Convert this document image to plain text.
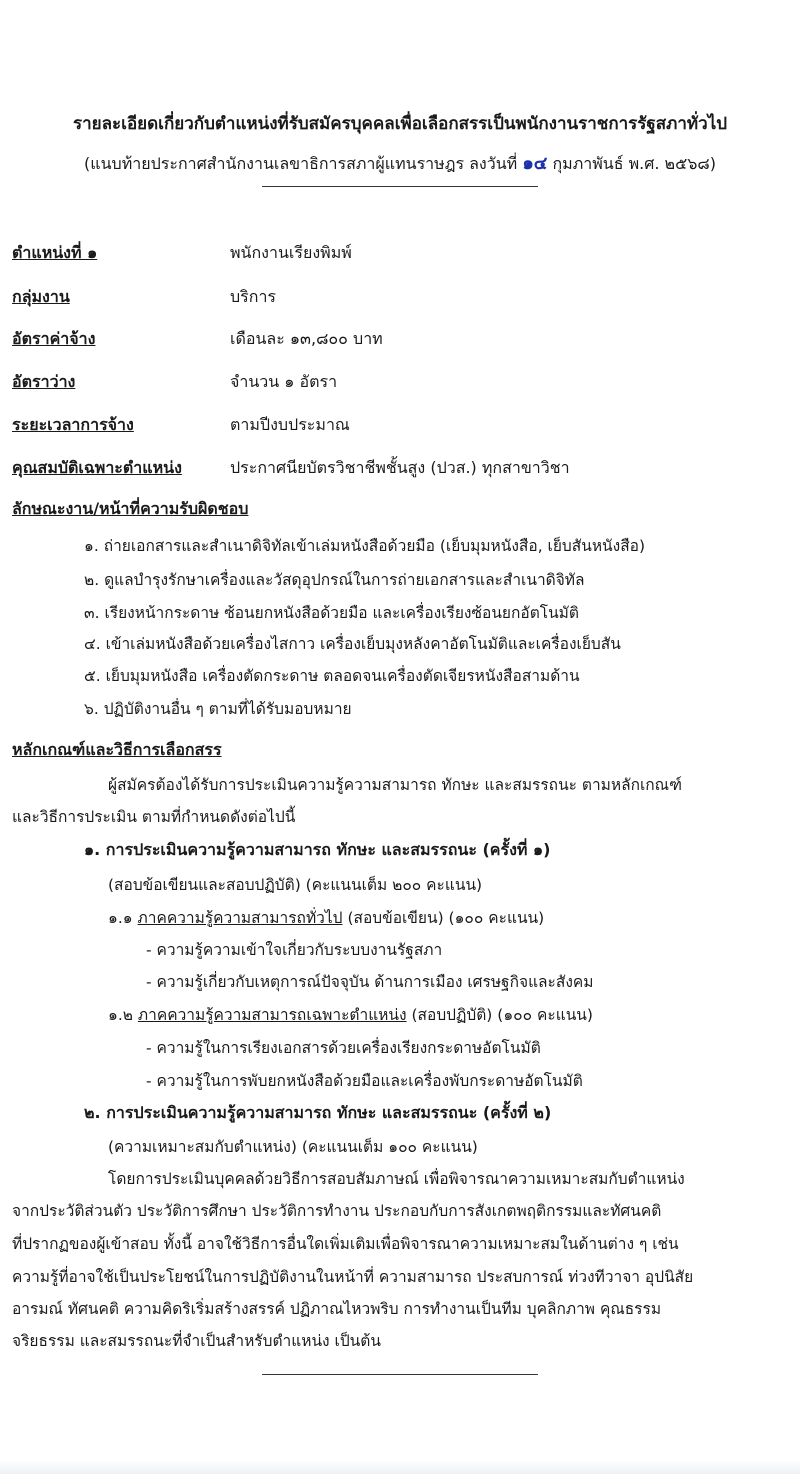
รายละเอียดเกี่ยวกับตำแหน่งที่รับสมัครบุคคลเพื่อเลือกสรรเป็นพนักงานราชการรัฐสภาทั่วไป
(แนบท้ายประกาศสำนักงานเลขาธิการสภาผู้แทนราษฎร ลงวันที่ ๑๔ กุมภาพันธ์ พ.ศ. ๒๕๖๘)
ตำแหน่งที่ ๑	พนักงานเรียงพิมพ์
กลุ่มงาน	บริการ
อัตราค่าจ้าง	เดือนละ ๑๓,๘๐๐ บาท
อัตราว่าง	จำนวน ๑ อัตรา
ระยะเวลาการจ้าง	ตามปีงบประมาณ
คุณสมบัติเฉพาะตำแหน่ง	ประกาศนียบัตรวิชาชีพชั้นสูง (ปวส.) ทุกสาขาวิชา
ลักษณะงาน/หน้าที่ความรับผิดชอบ
๑. ถ่ายเอกสารและสำเนาดิจิทัลเข้าเล่มหนังสือด้วยมือ (เย็บมุมหนังสือ, เย็บสันหนังสือ)
๒. ดูแลบำรุงรักษาเครื่องและวัสดุอุปกรณ์ในการถ่ายเอกสารและสำเนาดิจิทัล
๓. เรียงหน้ากระดาษ ซ้อนยกหนังสือด้วยมือ และเครื่องเรียงซ้อนยกอัตโนมัติ
๔. เข้าเล่มหนังสือด้วยเครื่องไสกาว เครื่องเย็บมุงหลังคาอัตโนมัติและเครื่องเย็บสัน
๕. เย็บมุมหนังสือ เครื่องตัดกระดาษ ตลอดจนเครื่องตัดเจียรหนังสือสามด้าน
๖. ปฏิบัติงานอื่น ๆ ตามที่ได้รับมอบหมาย
หลักเกณฑ์และวิธีการเลือกสรร
ผู้สมัครต้องได้รับการประเมินความรู้ความสามารถ ทักษะ และสมรรถนะ ตามหลักเกณฑ์
และวิธีการประเมิน ตามที่กำหนดดังต่อไปนี้
๑. การประเมินความรู้ความสามารถ ทักษะ และสมรรถนะ (ครั้งที่ ๑)
(สอบข้อเขียนและสอบปฏิบัติ) (คะแนนเต็ม ๒๐๐ คะแนน)
๑.๑ ภาคความรู้ความสามารถทั่วไป (สอบข้อเขียน) (๑๐๐ คะแนน)
- ความรู้ความเข้าใจเกี่ยวกับระบบงานรัฐสภา
- ความรู้เกี่ยวกับเหตุการณ์ปัจจุบัน ด้านการเมือง เศรษฐกิจและสังคม
๑.๒ ภาคความรู้ความสามารถเฉพาะตำแหน่ง (สอบปฏิบัติ) (๑๐๐ คะแนน)
- ความรู้ในการเรียงเอกสารด้วยเครื่องเรียงกระดาษอัตโนมัติ
- ความรู้ในการพับยกหนังสือด้วยมือและเครื่องพับกระดาษอัตโนมัติ
๒. การประเมินความรู้ความสามารถ ทักษะ และสมรรถนะ (ครั้งที่ ๒)
(ความเหมาะสมกับตำแหน่ง) (คะแนนเต็ม ๑๐๐ คะแนน)
โดยการประเมินบุคคลด้วยวิธีการสอบสัมภาษณ์ เพื่อพิจารณาความเหมาะสมกับตำแหน่ง
จากประวัติส่วนตัว ประวัติการศึกษา ประวัติการทำงาน ประกอบกับการสังเกตพฤติกรรมและทัศนคติ
ที่ปรากฏของผู้เข้าสอบ ทั้งนี้ อาจใช้วิธีการอื่นใดเพิ่มเติมเพื่อพิจารณาความเหมาะสมในด้านต่าง ๆ เช่น
ความรู้ที่อาจใช้เป็นประโยชน์ในการปฏิบัติงานในหน้าที่ ความสามารถ ประสบการณ์ ท่วงทีวาจา อุปนิสัย
อารมณ์ ทัศนคติ ความคิดริเริ่มสร้างสรรค์ ปฏิภาณไหวพริบ การทำงานเป็นทีม บุคลิกภาพ คุณธรรม
จริยธรรม และสมรรถนะที่จำเป็นสำหรับตำแหน่ง เป็นต้น
